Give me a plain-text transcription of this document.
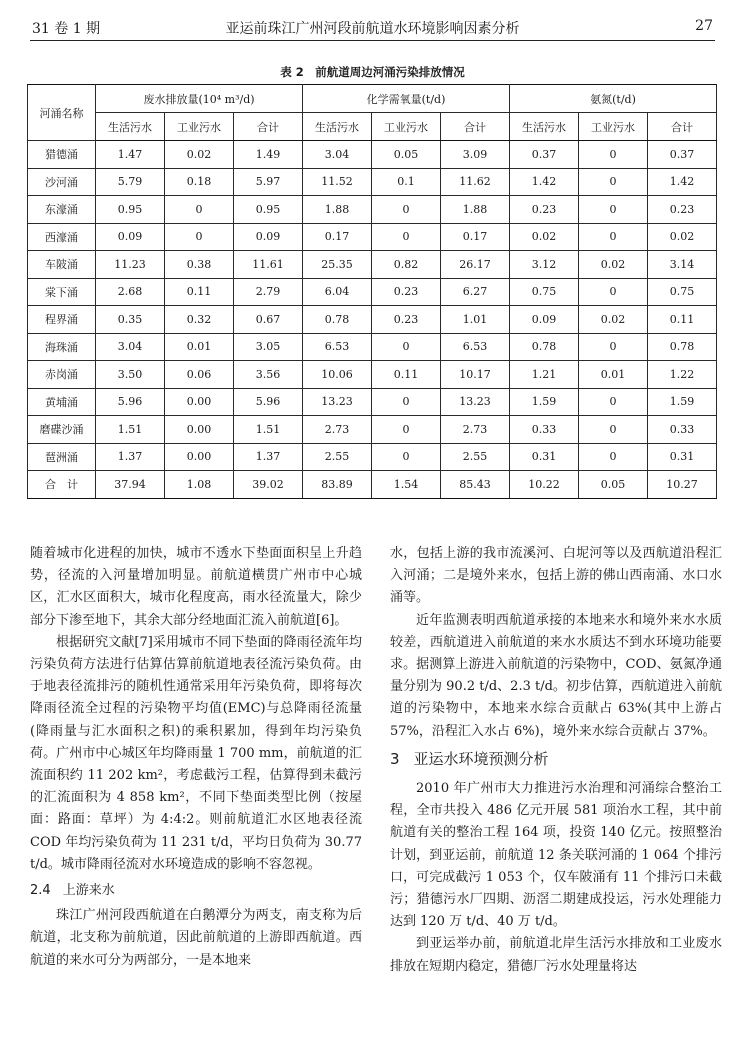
31 卷 1 期	亚运前珠江广州河段前航道水环境影响因素分析	27
表 2　前航道周边河涌污染排放情况
河涌名称	废水排放量(10⁴ m³/d)			化学需氧量(t/d)			氨氮(t/d)		
	生活污水	工业污水	合计	生活污水	工业污水	合计	生活污水	工业污水	合计
猎德涌	1.47	0.02	1.49	3.04	0.05	3.09	0.37	0	0.37
沙河涌	5.79	0.18	5.97	11.52	0.1	11.62	1.42	0	1.42
东濠涌	0.95	0	0.95	1.88	0	1.88	0.23	0	0.23
西濠涌	0.09	0	0.09	0.17	0	0.17	0.02	0	0.02
车陂涌	11.23	0.38	11.61	25.35	0.82	26.17	3.12	0.02	3.14
棠下涌	2.68	0.11	2.79	6.04	0.23	6.27	0.75	0	0.75
程界涌	0.35	0.32	0.67	0.78	0.23	1.01	0.09	0.02	0.11
海珠涌	3.04	0.01	3.05	6.53	0	6.53	0.78	0	0.78
赤岗涌	3.50	0.06	3.56	10.06	0.11	10.17	1.21	0.01	1.22
黄埔涌	5.96	0.00	5.96	13.23	0	13.23	1.59	0	1.59
磨碟沙涌	1.51	0.00	1.51	2.73	0	2.73	0.33	0	0.33
琶洲涌	1.37	0.00	1.37	2.55	0	2.55	0.31	0	0.31
合　计	37.94	1.08	39.02	83.89	1.54	85.43	10.22	0.05	10.27

随着城市化进程的加快，城市不透水下垫面面积呈上升趋势，径流的入河量增加明显。前航道横贯广州市中心城区，汇水区面积大，城市化程度高，雨水径流量大，除少部分下渗至地下，其余大部分经地面汇流入前航道[6]。

根据研究文献[7]采用城市不同下垫面的降雨径流年均污染负荷方法进行估算估算前航道地表径流污染负荷。由于地表径流排污的随机性通常采用年污染负荷，即将每次降雨径流全过程的污染物平均值(EMC)与总降雨径流量(降雨量与汇水面积之积)的乘积累加，得到年均污染负荷。广州市中心城区年均降雨量 1 700 mm，前航道的汇流面积约 11 202 km²，考虑截污工程，估算得到未截污的汇流面积为 4 858 km²，不同下垫面类型比例（按屋面：路面：草坪）为 4:4:2。则前航道汇水区地表径流 COD 年均污染负荷为 11 231 t/d，平均日负荷为 30.77 t/d。城市降雨径流对水环境造成的影响不容忽视。

2.4 上游来水

珠江广州河段西航道在白鹅潭分为两支，南支称为后航道，北支称为前航道，因此前航道的上游即西航道。西航道的来水可分为两部分，一是本地来

水，包括上游的我市流溪河、白坭河等以及西航道沿程汇入河涌；二是境外来水，包括上游的佛山西南涌、水口水涌等。

近年监测表明西航道承接的本地来水和境外来水水质较差，西航道进入前航道的来水水质达不到水环境功能要求。据测算上游进入前航道的污染物中，COD、氨氮净通量分别为 90.2 t/d、2.3 t/d。初步估算，西航道进入前航道的污染物中，本地来水综合贡献占 63%(其中上游占 57%，沿程汇入水占 6%)，境外来水综合贡献占 37%。

3 亚运水环境预测分析

2010 年广州市大力推进污水治理和河涌综合整治工程，全市共投入 486 亿元开展 581 项治水工程，其中前航道有关的整治工程 164 项，投资 140 亿元。按照整治计划，到亚运前，前航道 12 条关联河涌的 1 064 个排污口，可完成截污 1 053 个，仅车陂涌有 11 个排污口未截污；猎德污水厂四期、沥滘二期建成投运，污水处理能力达到 120 万 t/d、40 万 t/d。

到亚运举办前，前航道北岸生活污水排放和工业废水排放在短期内稳定，猎德厂污水处理量将达
